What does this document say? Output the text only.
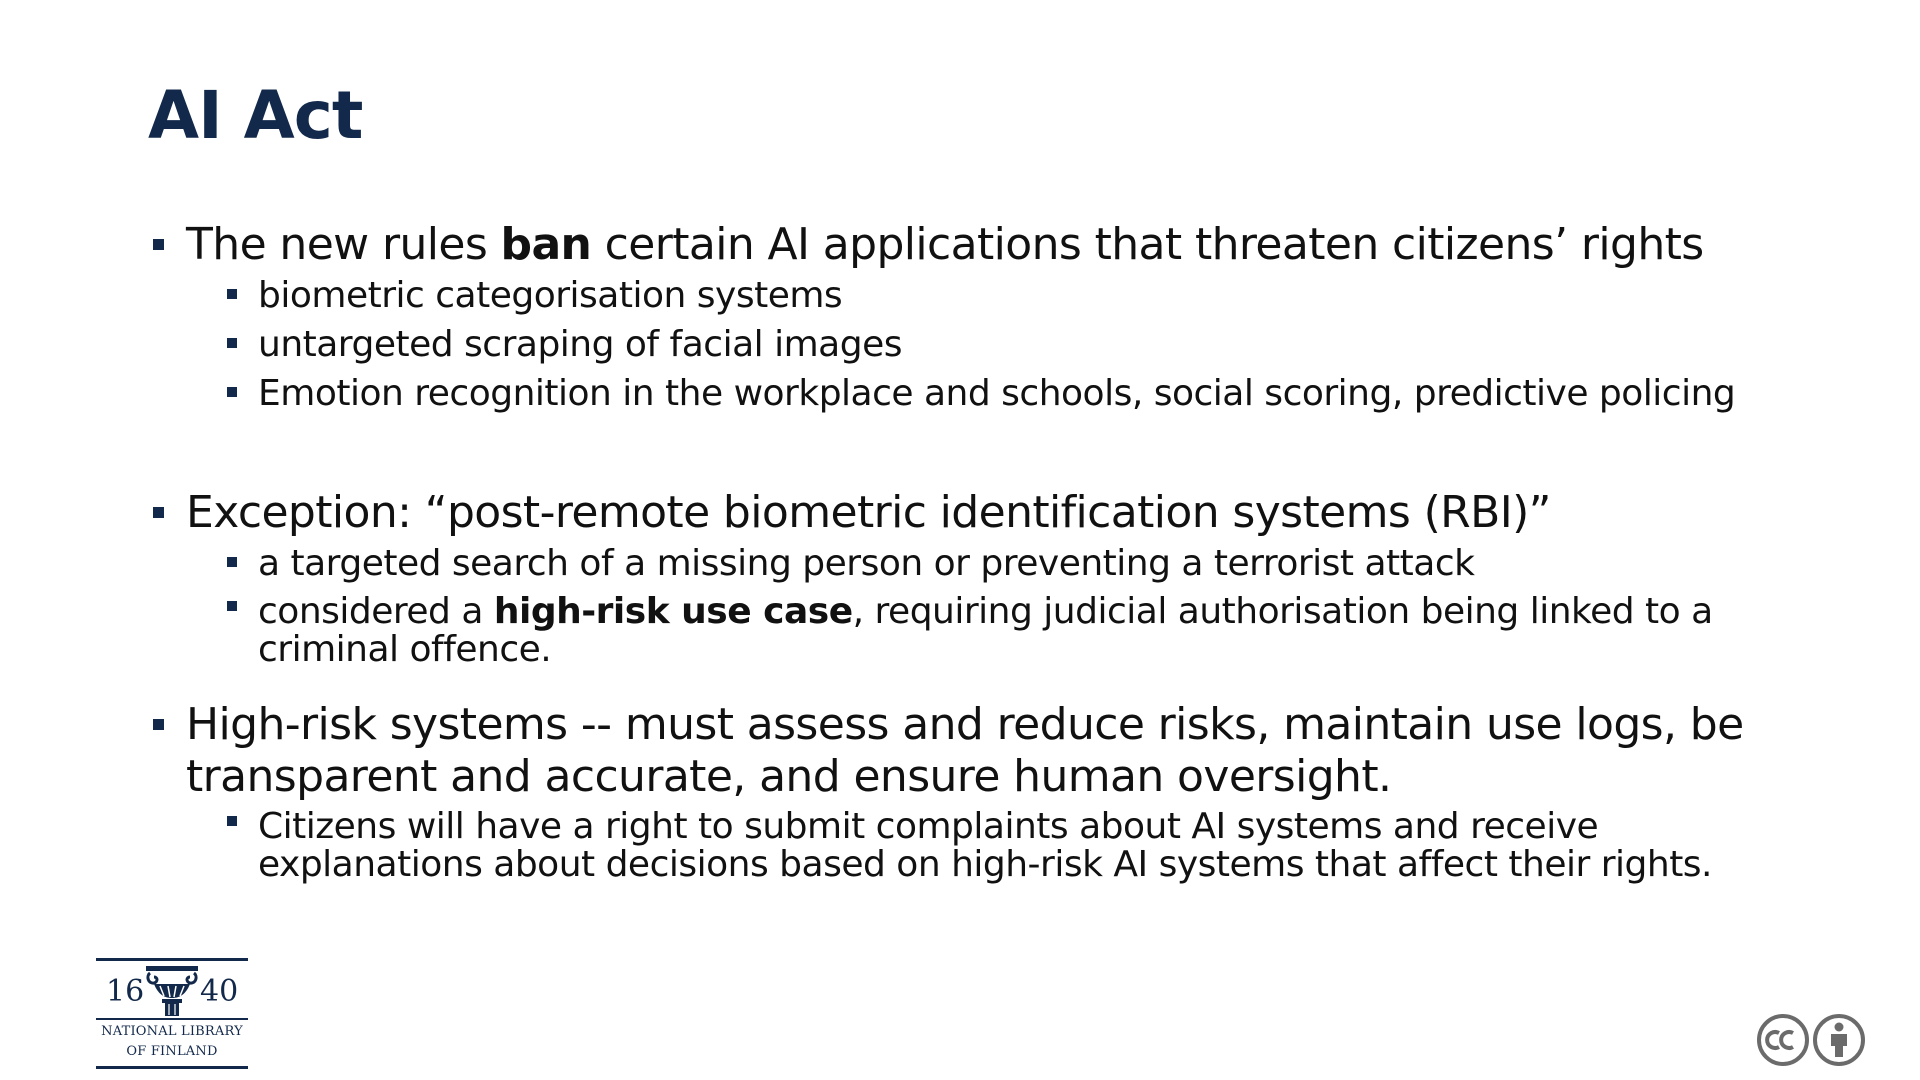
AI Act
The new rules ban certain AI applications that threaten citizens’ rights
biometric categorisation systems
untargeted scraping of facial images
Emotion recognition in the workplace and schools, social scoring, predictive policing
Exception: “post-remote biometric identification systems (RBI)”
a targeted search of a missing person or preventing a terrorist attack
considered a high-risk use case, requiring judicial authorisation being linked to a criminal offence.
High-risk systems -- must assess and reduce risks, maintain use logs, be transparent and accurate, and ensure human oversight.
Citizens will have a right to submit complaints about AI systems and receive explanations about decisions based on high-risk AI systems that affect their rights.
16 40
NATIONAL LIBRARY
OF FINLAND
